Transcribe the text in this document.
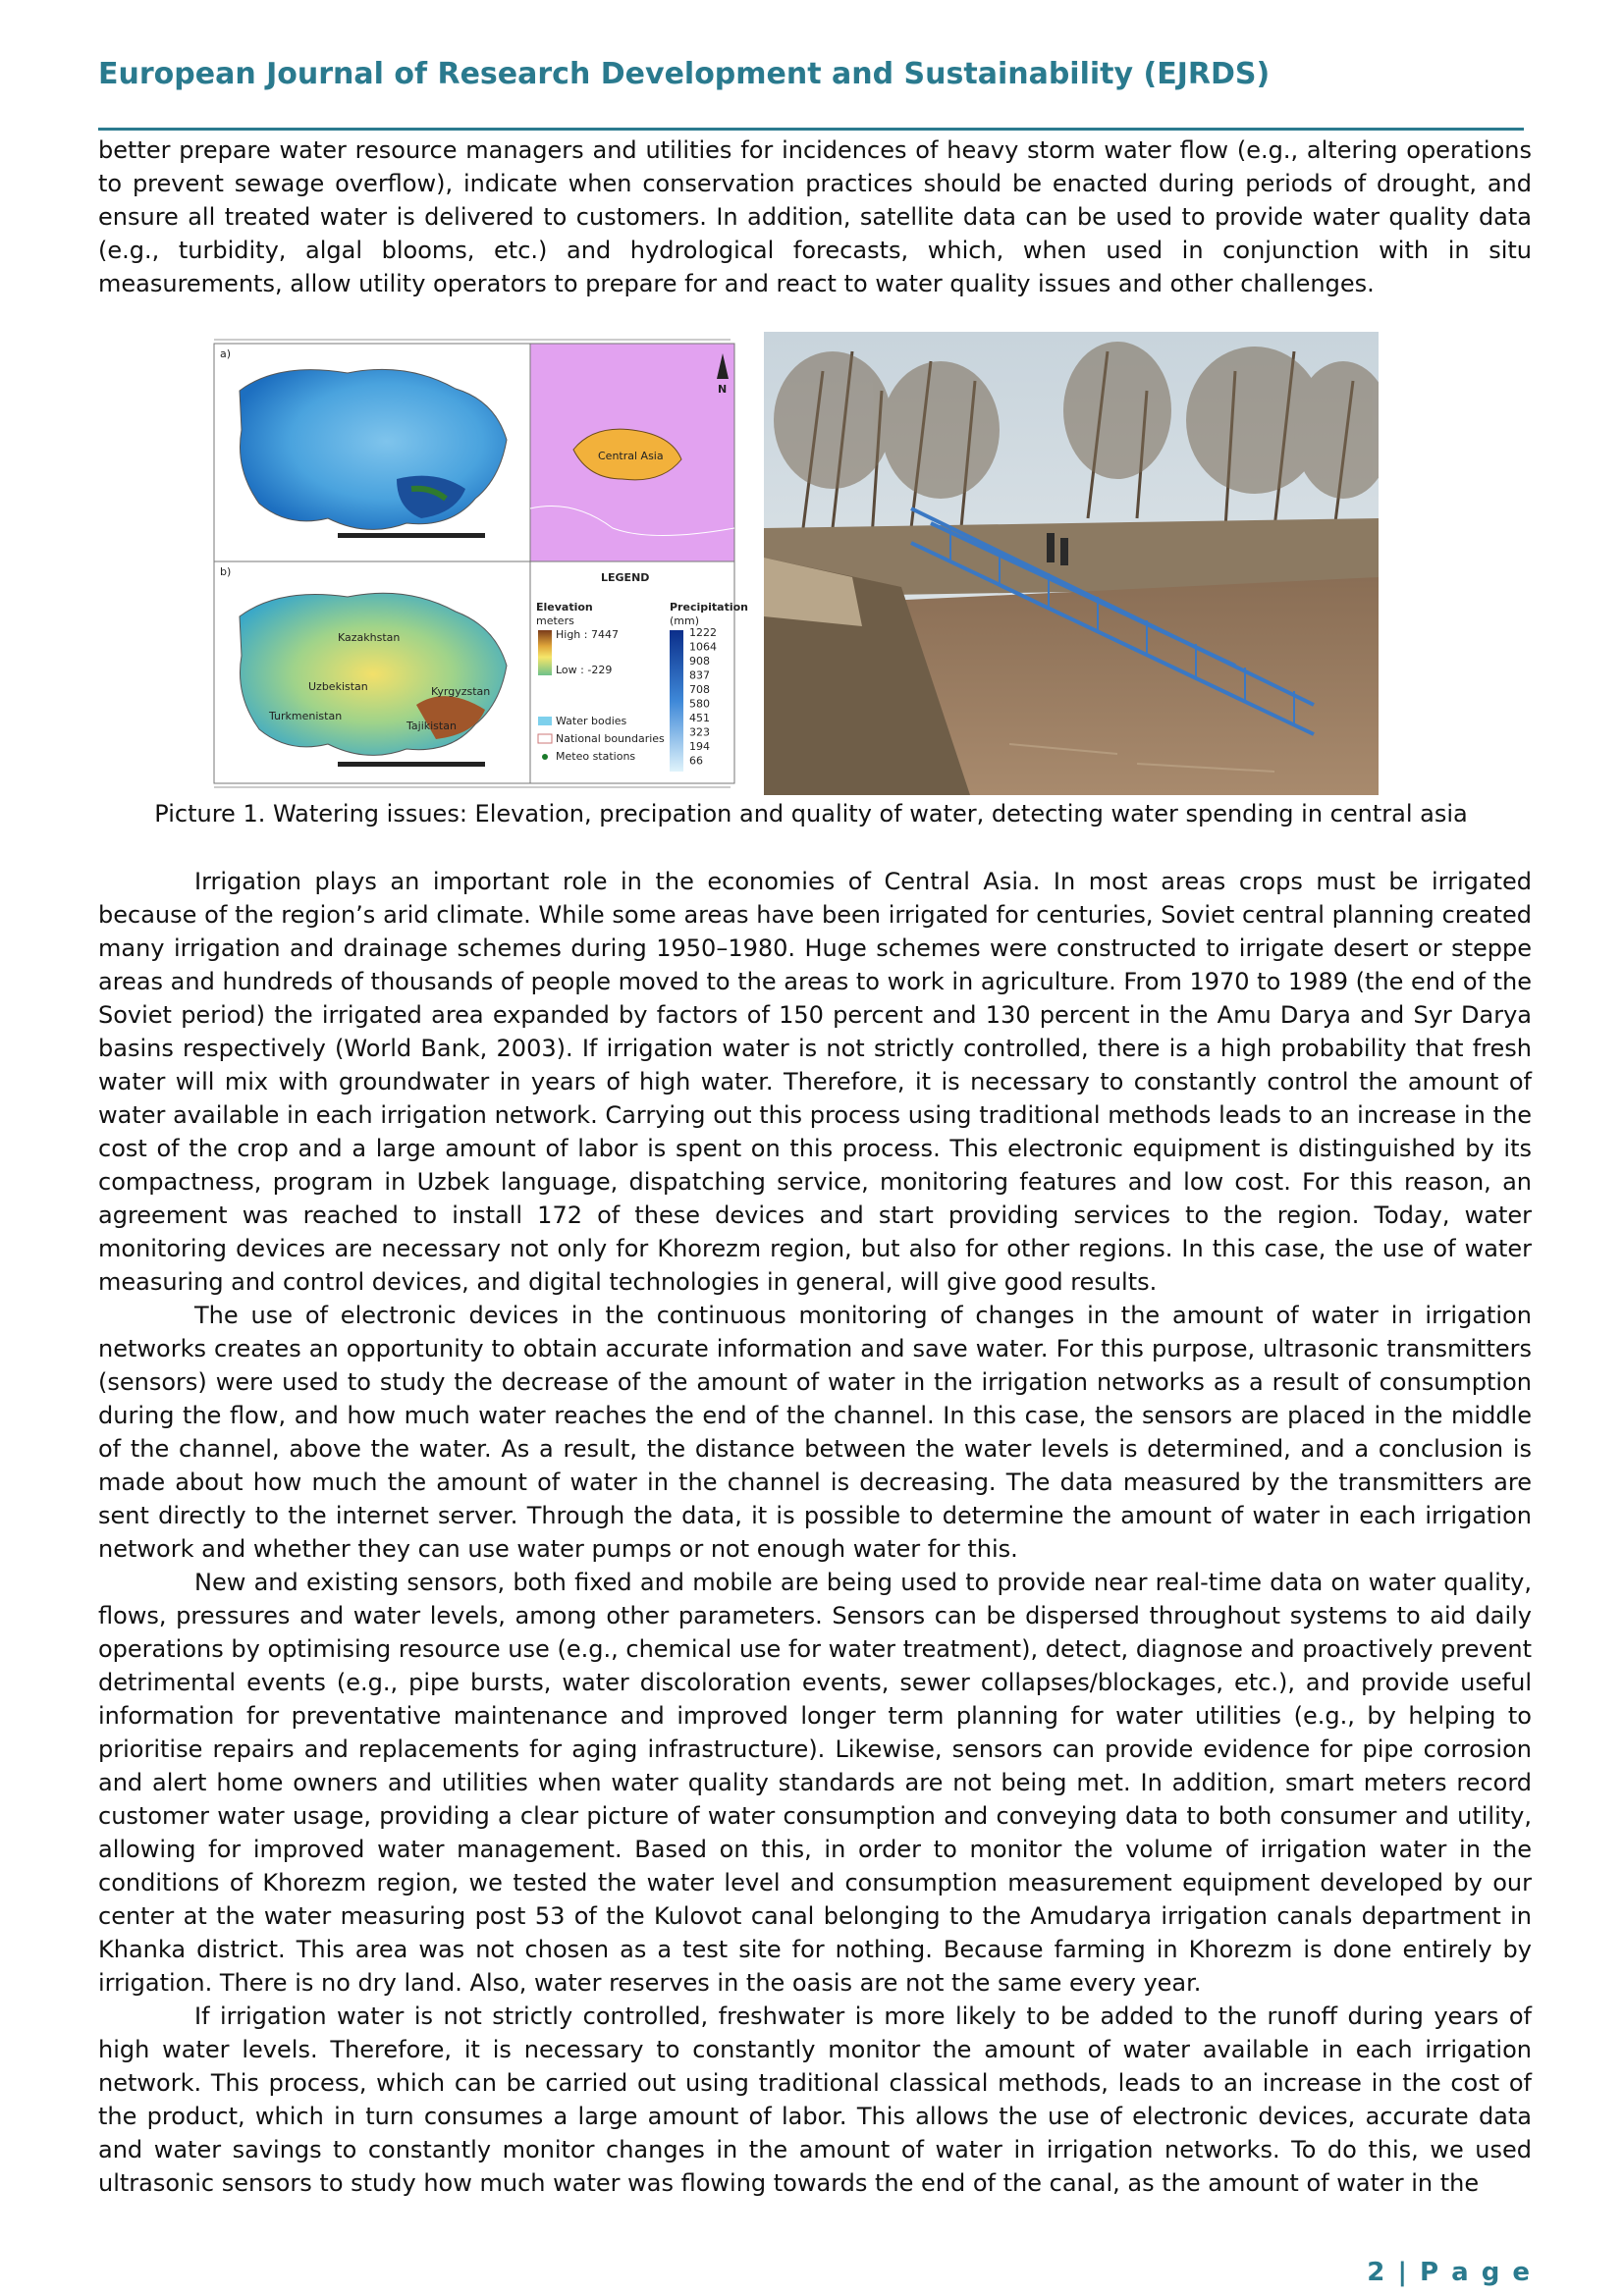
European Journal of Research Development and Sustainability (EJRDS)

better prepare water resource managers and utilities for incidences of heavy storm water flow (e.g., altering operations to prevent sewage overflow), indicate when conservation practices should be enacted during periods of drought, and ensure all treated water is delivered to customers. In addition, satellite data can be used to provide water quality data (e.g., turbidity, algal blooms, etc.) and hydrological forecasts, which, when used in conjunction with in situ measurements, allow utility operators to prepare for and react to water quality issues and other challenges.

a)
Central Asia
N
b)
Kazakhstan
Uzbekistan	Kyrgyzstan
Turkmenistan
Tajikistan
LEGEND
Elevation
meters
High : 7447
Low : -229
Precipitation
(mm)
1222
1064
908
837
708
580
451
323
194
66
Water bodies
National boundaries
Meteo stations
Picture 1. Watering issues: Elevation, precipation and quality of water, detecting water spending in central asia

Irrigation plays an important role in the economies of Central Asia. In most areas crops must be irrigated because of the region’s arid climate. While some areas have been irrigated for centuries, Soviet central planning created many irrigation and drainage schemes during 1950–1980. Huge schemes were constructed to irrigate desert or steppe areas and hundreds of thousands of people moved to the areas to work in agriculture. From 1970 to 1989 (the end of the Soviet period) the irrigated area expanded by factors of 150 percent and 130 percent in the Amu Darya and Syr Darya basins respectively (World Bank, 2003). If irrigation water is not strictly controlled, there is a high probability that fresh water will mix with groundwater in years of high water. Therefore, it is necessary to constantly control the amount of water available in each irrigation network. Carrying out this process using traditional methods leads to an increase in the cost of the crop and a large amount of labor is spent on this process. This electronic equipment is distinguished by its compactness, program in Uzbek language, dispatching service, monitoring features and low cost. For this reason, an agreement was reached to install 172 of these devices and start providing services to the region. Today, water monitoring devices are necessary not only for Khorezm region, but also for other regions. In this case, the use of water measuring and control devices, and digital technologies in general, will give good results.

The use of electronic devices in the continuous monitoring of changes in the amount of water in irrigation networks creates an opportunity to obtain accurate information and save water. For this purpose, ultrasonic transmitters (sensors) were used to study the decrease of the amount of water in the irrigation networks as a result of consumption during the flow, and how much water reaches the end of the channel. In this case, the sensors are placed in the middle of the channel, above the water. As a result, the distance between the water levels is determined, and a conclusion is made about how much the amount of water in the channel is decreasing. The data measured by the transmitters are sent directly to the internet server. Through the data, it is possible to determine the amount of water in each irrigation network and whether they can use water pumps or not enough water for this.

New and existing sensors, both fixed and mobile are being used to provide near real-time data on water quality, flows, pressures and water levels, among other parameters. Sensors can be dispersed throughout systems to aid daily operations by optimising resource use (e.g., chemical use for water treatment), detect, diagnose and proactively prevent detrimental events (e.g., pipe bursts, water discoloration events, sewer collapses/blockages, etc.), and provide useful information for preventative maintenance and improved longer term planning for water utilities (e.g., by helping to prioritise repairs and replacements for aging infrastructure). Likewise, sensors can provide evidence for pipe corrosion and alert home owners and utilities when water quality standards are not being met. In addition, smart meters record customer water usage, providing a clear picture of water consumption and conveying data to both consumer and utility, allowing for improved water management. Based on this, in order to monitor the volume of irrigation water in the conditions of Khorezm region, we tested the water level and consumption measurement equipment developed by our center at the water measuring post 53 of the Kulovot canal belonging to the Amudarya irrigation canals department in Khanka district. This area was not chosen as a test site for nothing. Because farming in Khorezm is done entirely by irrigation. There is no dry land. Also, water reserves in the oasis are not the same every year.

If irrigation water is not strictly controlled, freshwater is more likely to be added to the runoff during years of high water levels. Therefore, it is necessary to constantly monitor the amount of water available in each irrigation network. This process, which can be carried out using traditional classical methods, leads to an increase in the cost of the product, which in turn consumes a large amount of labor. This allows the use of electronic devices, accurate data and water savings to constantly monitor changes in the amount of water in irrigation networks. To do this, we used ultrasonic sensors to study how much water was flowing towards the end of the canal, as the amount of water in the

2 | P a g e
